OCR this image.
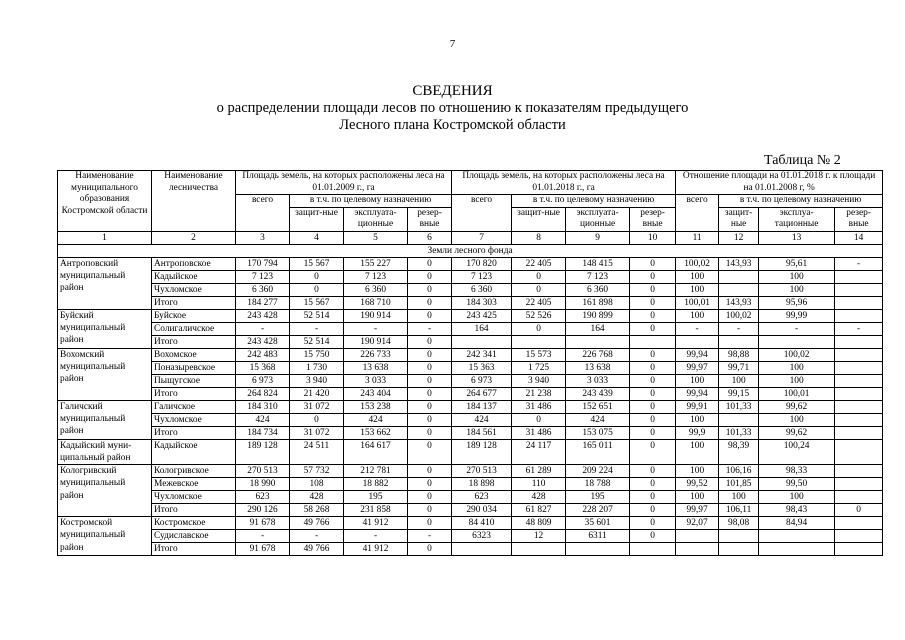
7
СВЕДЕНИЯ
о распределении площади лесов по отношению к показателям предыдущего
Лесного плана Костромской области
Таблица № 2
Наименование муниципального образования Костромской области	Наименование лесничества	Площадь земель, на которых расположены леса на 01.01.2009 г., га				Площадь земель, на которых расположены леса на 01.01.2018 г., га				Отношение площади на 01.01.2018 г. к площади на 01.01.2008 г, %			
		всего	в т.ч. по целевому назначению			всего	в т.ч. по целевому назначению			всего	в т.ч. по целевому назначению		
			защит-ные	эксплуата-ционные	резер-вные		защит-ные	эксплуата-ционные	резер-вные		защит-ные	эксплуа-тационные	резер-вные
1	2	3	4	5	6	7	8	9	10	11	12	13	14
Земли лесного фонда													
Антроповский муниципальный район	Антроповское	170 794	15 567	155 227	0	170 820	22 405	148 415	0	100,02	143,93	95,61	-
	Кадыйское	7 123	0	7 123	0	7 123	0	7 123	0	100		100	
	Чухломское	6 360	0	6 360	0	6 360	0	6 360	0	100		100	
	Итого	184 277	15 567	168 710	0	184 303	22 405	161 898	0	100,01	143,93	95,96	
Буйский муниципальный район	Буйское	243 428	52 514	190 914	0	243 425	52 526	190 899	0	100	100,02	99,99	
	Солигаличское	-	-	-	-	164	0	164	0	-	-	-	-
	Итого	243 428	52 514	190 914	0								
Вохомский муниципальный район	Вохомское	242 483	15 750	226 733	0	242 341	15 573	226 768	0	99,94	98,88	100,02	
	Поназыревское	15 368	1 730	13 638	0	15 363	1 725	13 638	0	99,97	99,71	100	
	Пыщугское	6 973	3 940	3 033	0	6 973	3 940	3 033	0	100	100	100	
	Итого	264 824	21 420	243 404	0	264 677	21 238	243 439	0	99,94	99,15	100,01	
Галичский муниципальный район	Галичское	184 310	31 072	153 238	0	184 137	31 486	152 651	0	99,91	101,33	99,62	
	Чухломское	424	0	424	0	424	0	424	0	100		100	
	Итого	184 734	31 072	153 662	0	184 561	31 486	153 075	0	99,9	101,33	99,62	
Кадыйский муни-ципальный район	Кадыйское	189 128	24 511	164 617	0	189 128	24 117	165 011	0	100	98,39	100,24	
Кологривский муниципальный район	Кологривское	270 513	57 732	212 781	0	270 513	61 289	209 224	0	100	106,16	98,33	
	Межевское	18 990	108	18 882	0	18 898	110	18 788	0	99,52	101,85	99,50	
	Чухломское	623	428	195	0	623	428	195	0	100	100	100	
	Итого	290 126	58 268	231 858	0	290 034	61 827	228 207	0	99,97	106,11	98,43	0
Костромской муниципальный район	Костромское	91 678	49 766	41 912	0	84 410	48 809	35 601	0	92,07	98,08	84,94	
	Судиславское	-	-	-	-	6323	12	6311	0				
	Итого	91 678	49 766	41 912	0								
